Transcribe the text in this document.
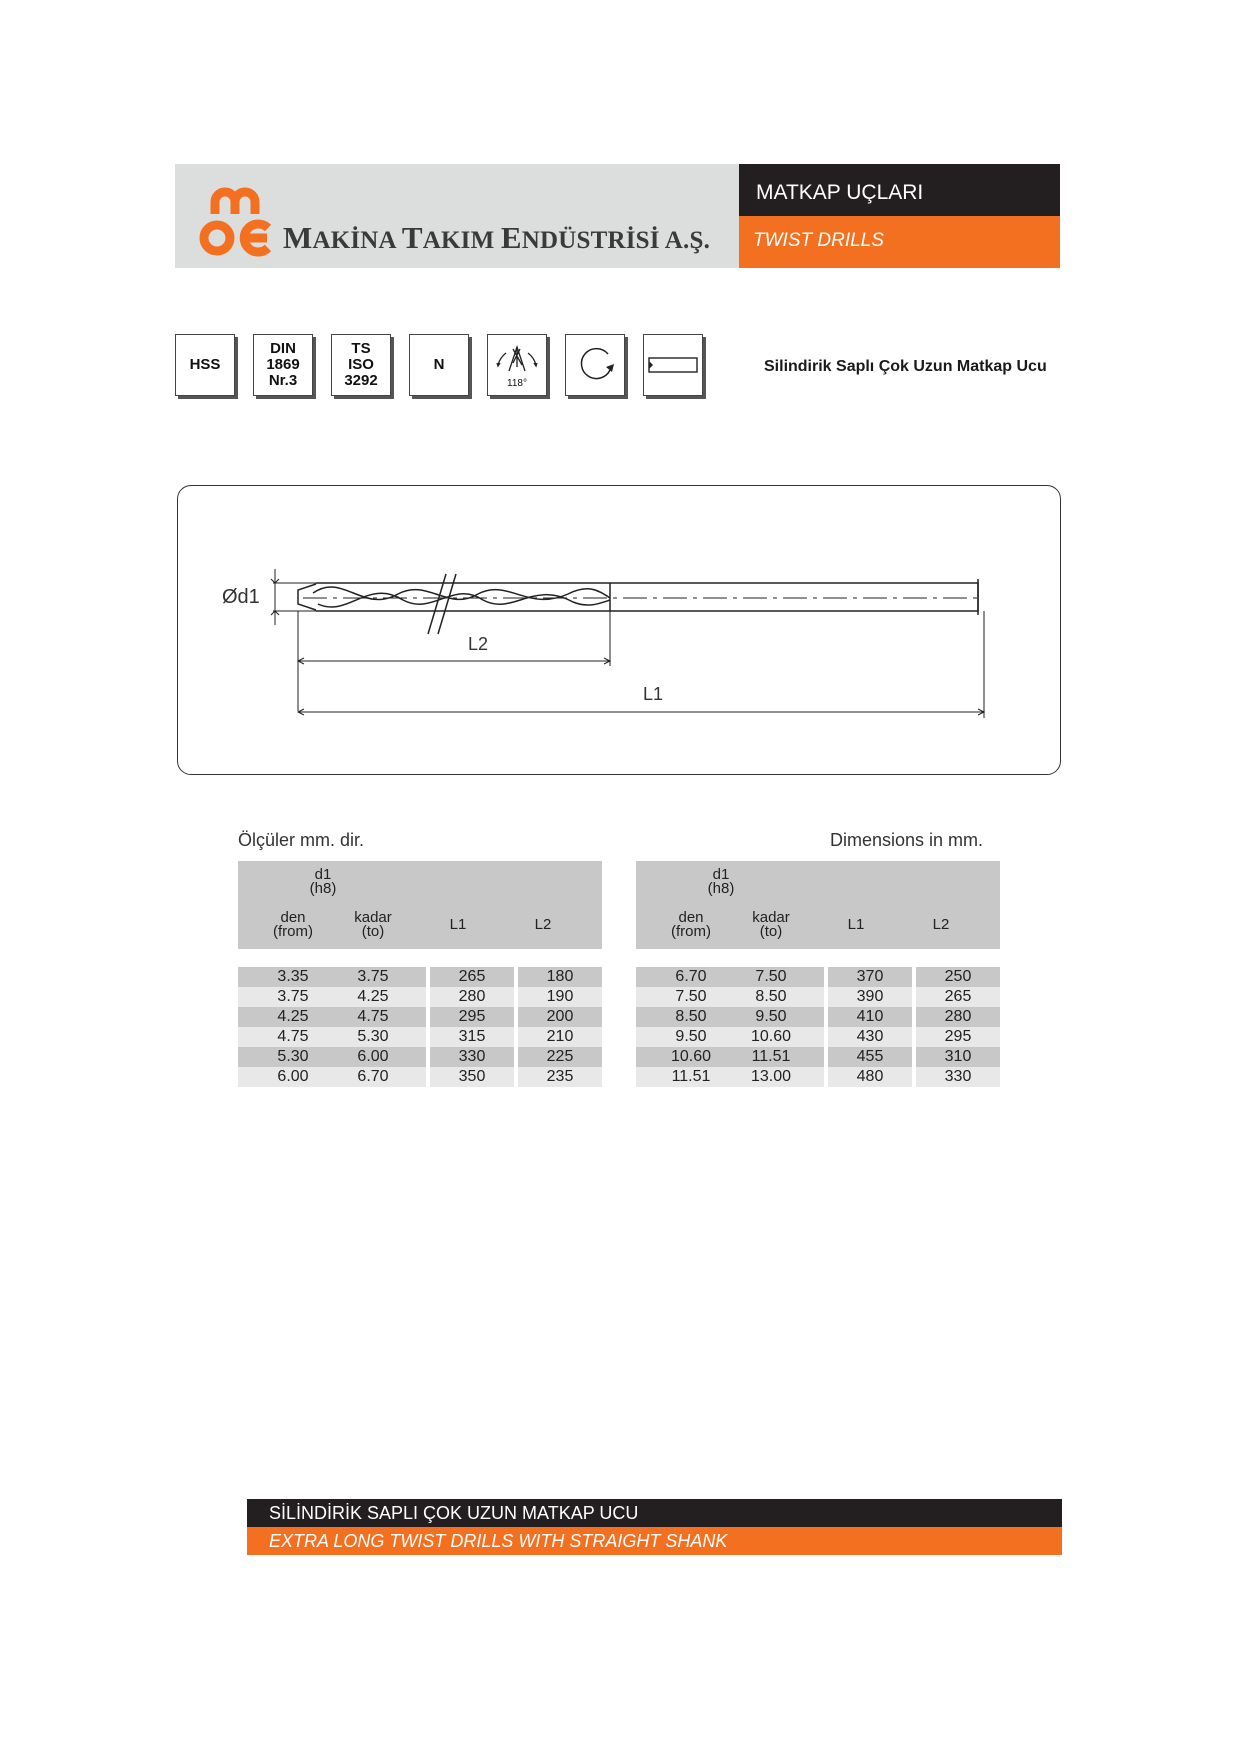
MAKİNA TAKIM ENDÜSTRİSİ A.Ş.
MATKAP UÇLARI
TWIST DRILLS
HSS
DIN
1869
Nr.3
TS
ISO
3292
N
118°
Silindirik Saplı Çok Uzun Matkap Ucu
Ød1
L2
L1
Ölçüler mm. dir.	Dimensions in mm.
d1
(h8)
den
(from)
kadar
(to)	L1	L2
3.35	3.75	265	180
3.75	4.25	280	190
4.25	4.75	295	200
4.75	5.30	315	210
5.30	6.00	330	225
6.00	6.70	350	235
d1
(h8)
den
(from)
kadar
(to)	L1	L2
6.70	7.50	370	250
7.50	8.50	390	265
8.50	9.50	410	280
9.50	10.60	430	295
10.60	11.51	455	310
11.51	13.00	480	330
SİLİNDİRİK SAPLI ÇOK UZUN MATKAP UCU
EXTRA LONG TWIST DRILLS WITH STRAIGHT SHANK
